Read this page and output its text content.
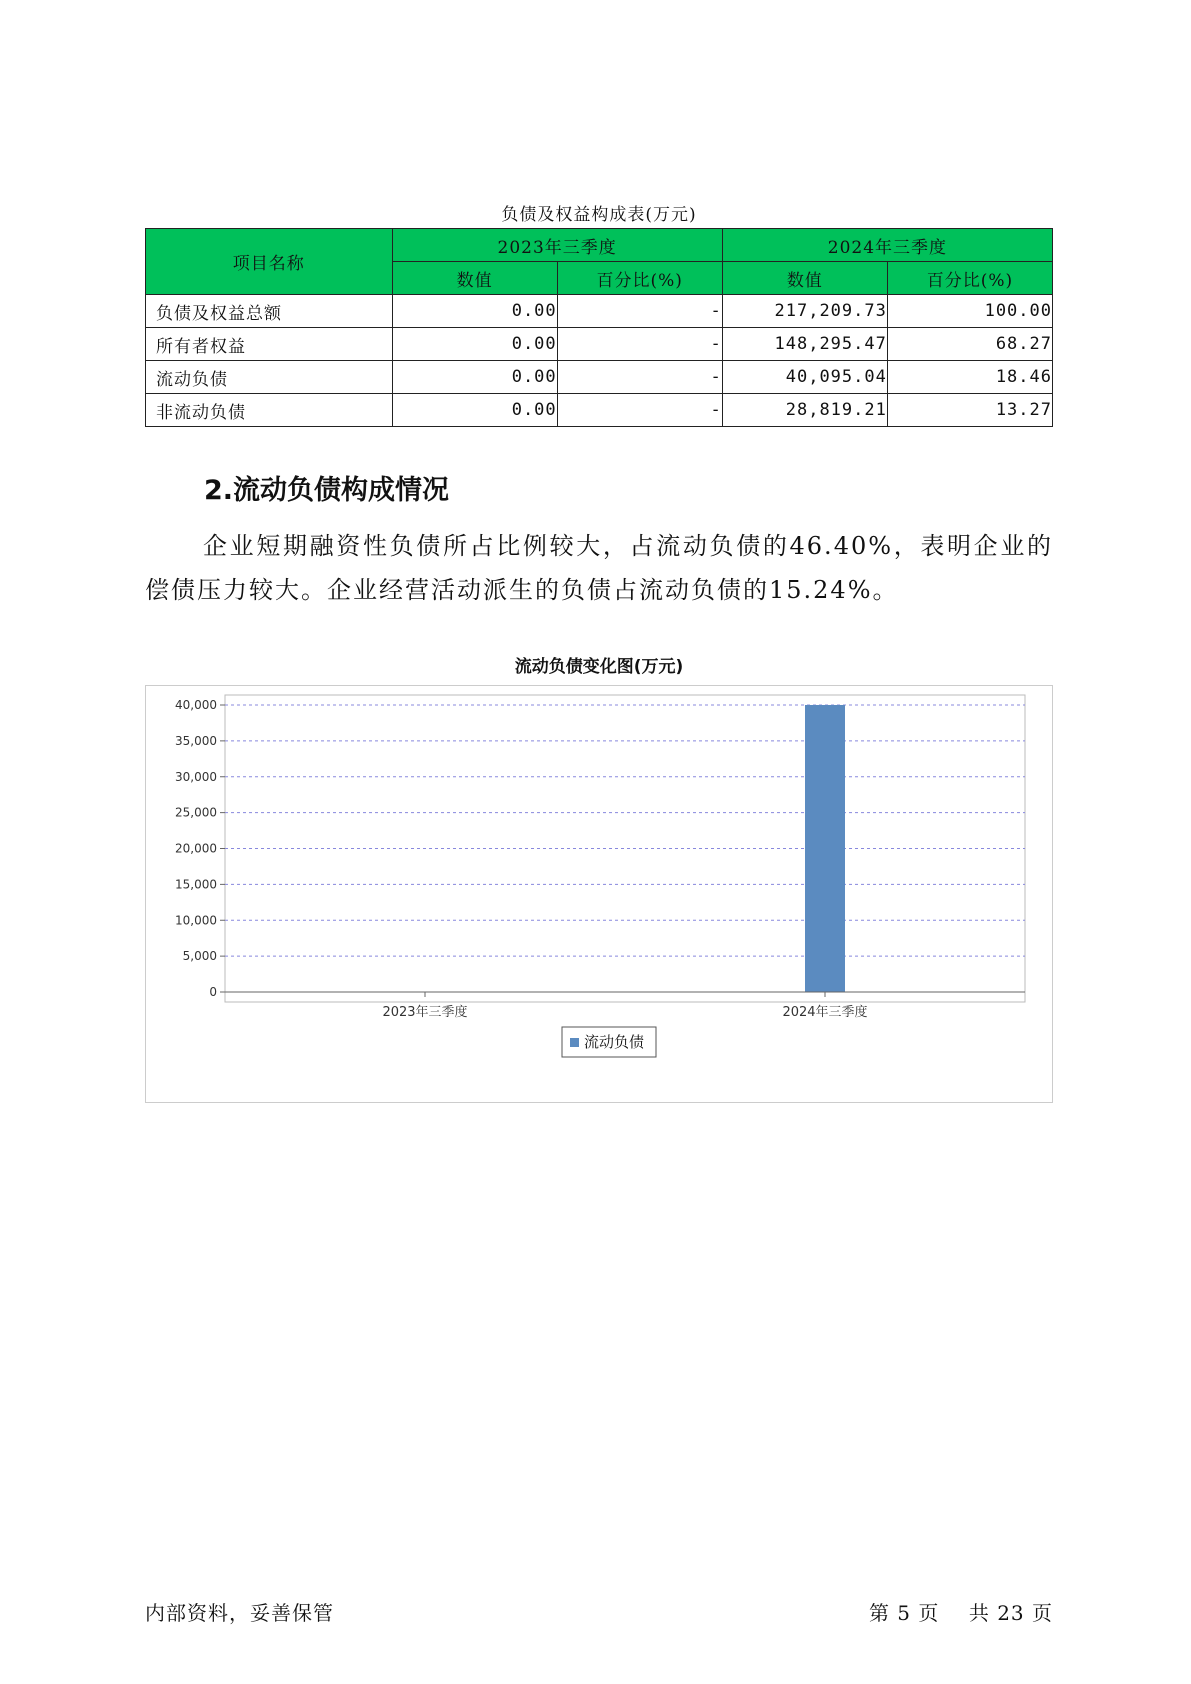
负债及权益构成表(万元)
项目名称	2023年三季度		2024年三季度	
	数值	百分比(%)	数值	百分比(%)
负债及权益总额	0.00	-	217,209.73	100.00
所有者权益	0.00	-	148,295.47	68.27
流动负债	0.00	-	40,095.04	18.46
非流动负债	0.00	-	28,819.21	13.27
2.流动负债构成情况

企业短期融资性负债所占比例较大，占流动负债的46.40%，表明企业的偿债压力较大。企业经营活动派生的负债占流动负债的15.24%。

流动负债变化图(万元)
0
5,000
10,000
15,000
20,000
25,000
30,000
35,000
40,000
2023年三季度	2024年三季度
流动负债
内部资料，妥善保管	第 5 页 共 23 页
